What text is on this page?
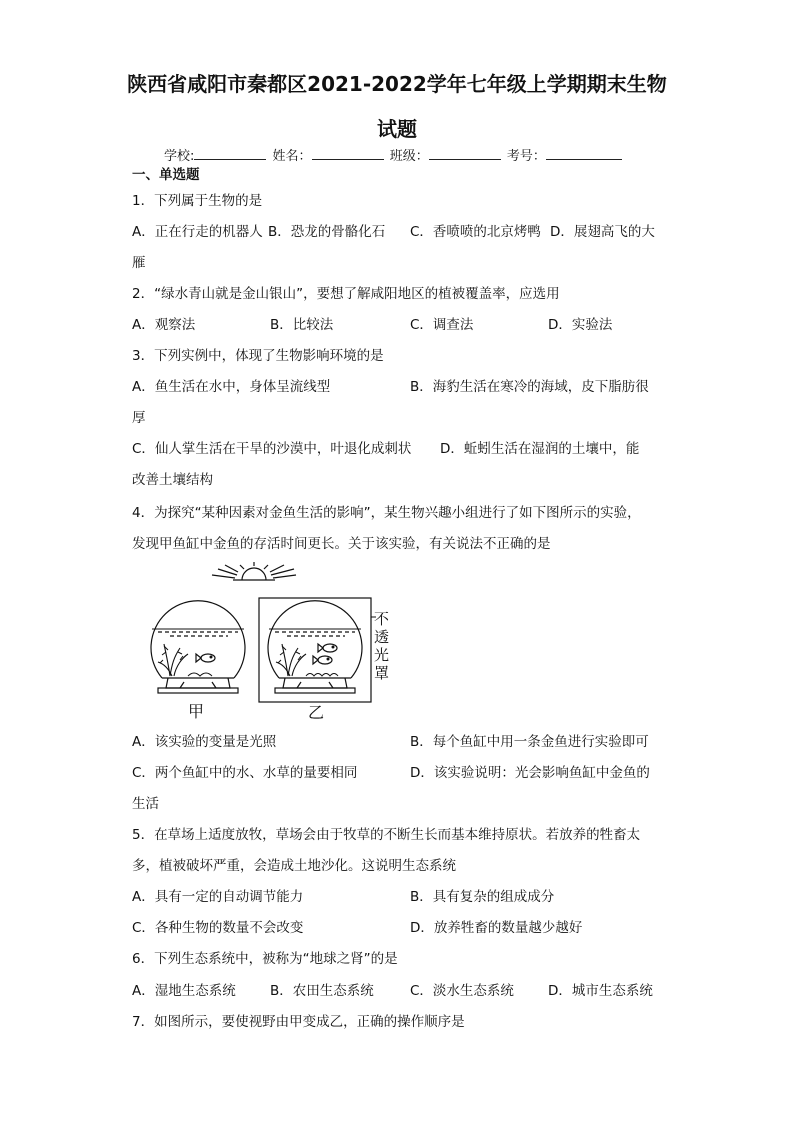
陕西省咸阳市秦都区2021-2022学年七年级上学期期末生物
试题
学校:	姓名：	班级：	考号：
一、单选题
1．下列属于生物的是
A．正在行走的机器人 B．恐龙的骨骼化石 C．香喷喷的北京烤鸭 D．展翅高飞的大
雁
2．“绿水青山就是金山银山”，要想了解咸阳地区的植被覆盖率，应选用
A．观察法	B．比较法	C．调查法	D．实验法
3．下列实例中，体现了生物影响环境的是
A．鱼生活在水中，身体呈流线型	B．海豹生活在寒冷的海域，皮下脂肪很
厚
C．仙人掌生活在干旱的沙漠中，叶退化成刺状 D．蚯蚓生活在湿润的土壤中，能
改善土壤结构
4．为探究“某种因素对金鱼生活的影响”，某生物兴趣小组进行了如下图所示的实验，
发现甲鱼缸中金鱼的存活时间更长。关于该实验，有关说法不正确的是
甲	乙
不
透
光
罩
A．该实验的变量是光照	B．每个鱼缸中用一条金鱼进行实验即可
C．两个鱼缸中的水、水草的量要相同	D．该实验说明：光会影响鱼缸中金鱼的
生活
5．在草场上适度放牧，草场会由于牧草的不断生长而基本维持原状。若放养的牲畜太
多，植被破坏严重，会造成土地沙化。这说明生态系统
A．具有一定的自动调节能力	B．具有复杂的组成成分
C．各种生物的数量不会改变	D．放养牲畜的数量越少越好
6．下列生态系统中，被称为“地球之肾”的是
A．湿地生态系统	B．农田生态系统	C．淡水生态系统	D．城市生态系统
7．如图所示，要使视野由甲变成乙，正确的操作顺序是
